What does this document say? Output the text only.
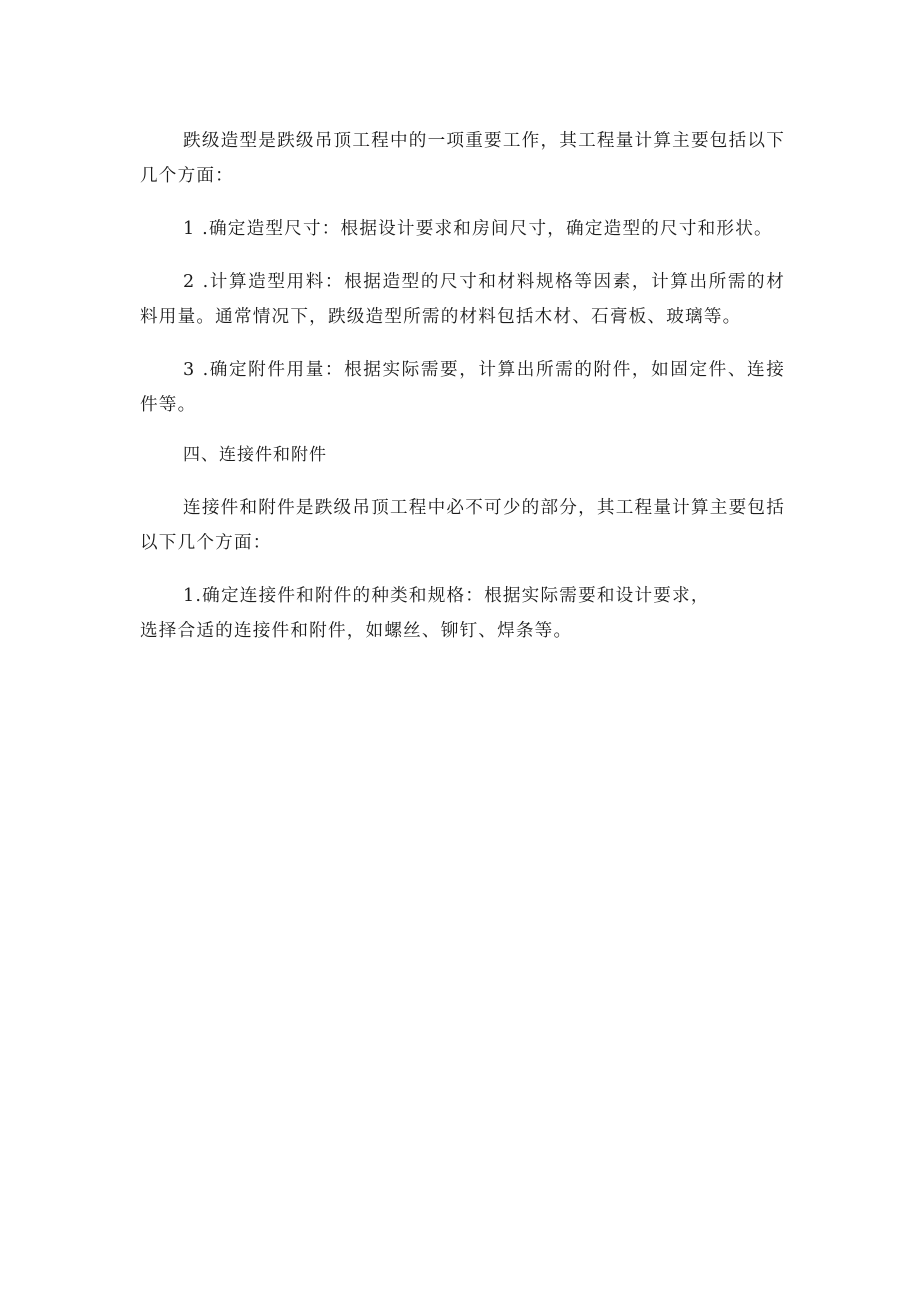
跌级造型是跌级吊顶工程中的一项重要工作，其工程量计算主要包括以下几个方面：

1 .确定造型尺寸：根据设计要求和房间尺寸，确定造型的尺寸和形状。

2 .计算造型用料：根据造型的尺寸和材料规格等因素，计算出所需的材料用量。通常情况下，跌级造型所需的材料包括木材、石膏板、玻璃等。

3 .确定附件用量：根据实际需要，计算出所需的附件，如固定件、连接件等。

四、连接件和附件

连接件和附件是跌级吊顶工程中必不可少的部分，其工程量计算主要包括以下几个方面：

1.确定连接件和附件的种类和规格：根据实际需要和设计要求，
选择合适的连接件和附件，如螺丝、铆钉、焊条等。
